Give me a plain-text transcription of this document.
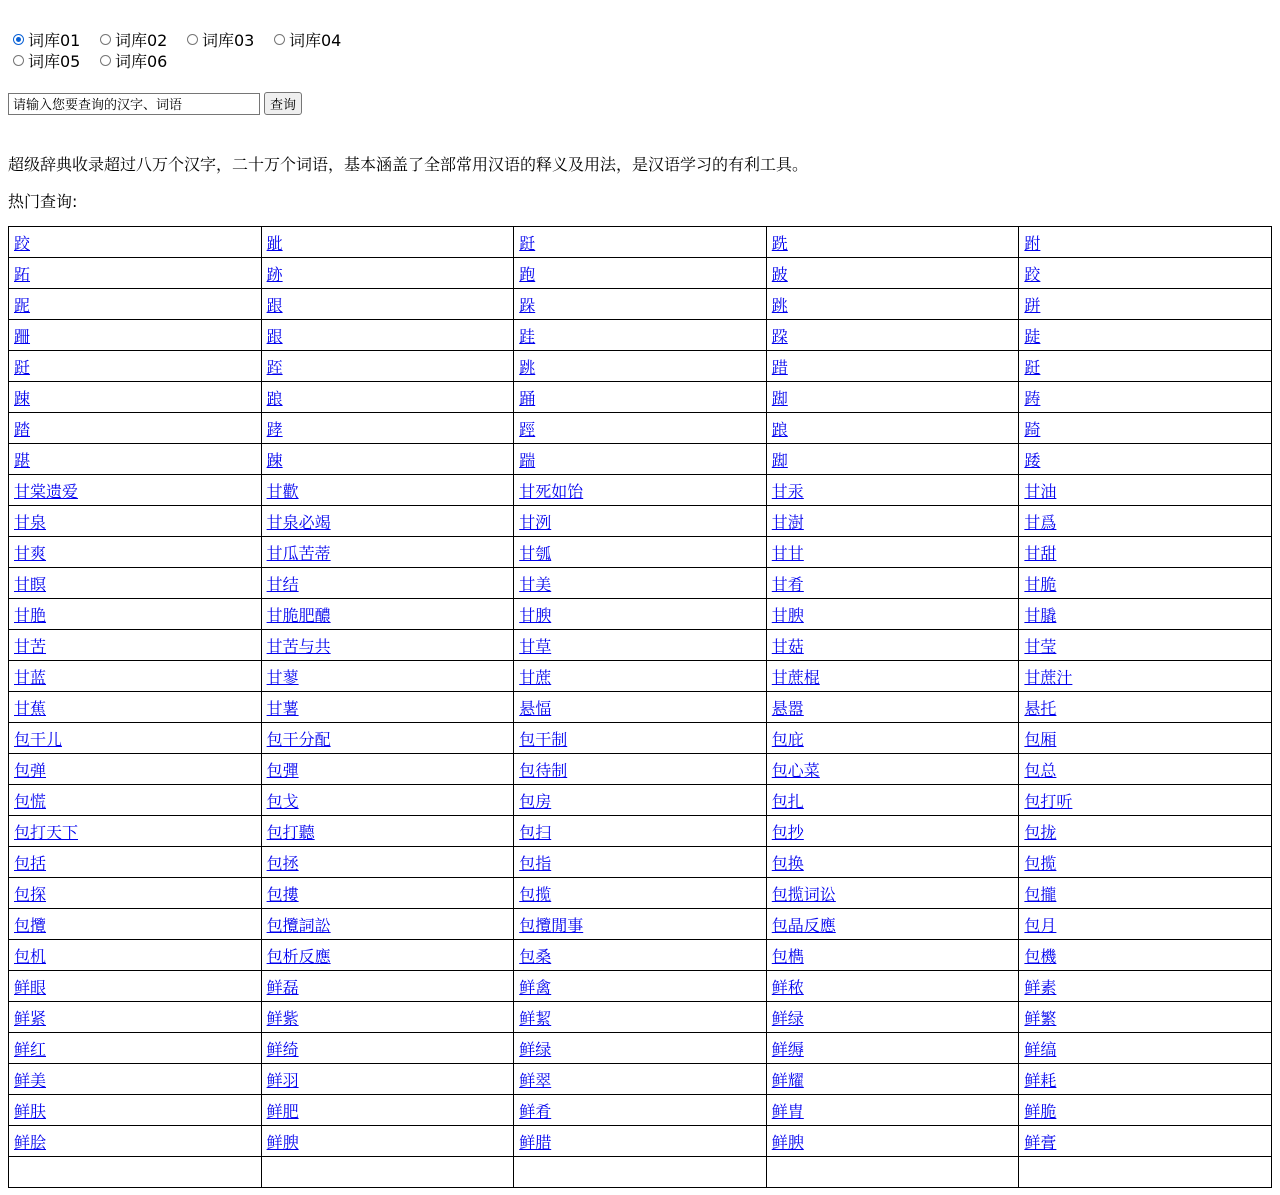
词库01 词库02 词库03 词库04
词库05 词库06
请输入您要查询的汉字、词语
查询
超级辞典收录超过八万个汉字，二十万个词语，基本涵盖了全部常用汉语的释义及用法，是汉语学习的有利工具。
热门查询:
跤	跐	跹	跣	跗
跖	跡	跑	跛	跤
跜	跟	跺	跳	跰
跚	跟	跬	跥	跿
跹	跮	跳	踖	跹
踈	踉	踊	踋	踌
踏	踍	踁	踉	踦
踸	踈	踹	踋	踒
甘棠遗爱	甘歡	甘死如饴	甘汞	甘油
甘泉	甘泉必竭	甘洌	甘澍	甘爲
甘爽	甘瓜苦蒂	甘瓠	甘甘	甘甜
甘瞑	甘结	甘美	甘肴	甘脆
甘脃	甘脆肥醲	甘腴	甘腴	甘膬
甘苦	甘苦与共	甘草	甘菇	甘莹
甘蓝	甘蓼	甘蔗	甘蔗棍	甘蔗汁
甘蕉	甘薯	悬愊	悬嚣	悬托
包干儿	包干分配	包干制	包庇	包厢
包弹	包彈	包待制	包心菜	包总
包慌	包戈	包房	包扎	包打听
包打天下	包打聽	包扫	包抄	包拢
包括	包拯	包指	包换	包揽
包探	包摟	包揽	包揽词讼	包攏
包攬	包攬詞訟	包攬閒事	包晶反應	包月
包机	包析反應	包桑	包檇	包機
鲜眼	鲜磊	鲜禽	鲜秾	鲜素
鲜紧	鲜紫	鲜絜	鲜绿	鲜繁
鲜红	鲜绮	鲜绿	鲜缛	鲜缟
鲜美	鲜羽	鲜翠	鲜耀	鲜耗
鲜肤	鲜肥	鲜肴	鲜胄	鲜脆
鲜脍	鲜腴	鲜腊	鲜腴	鲜膏
